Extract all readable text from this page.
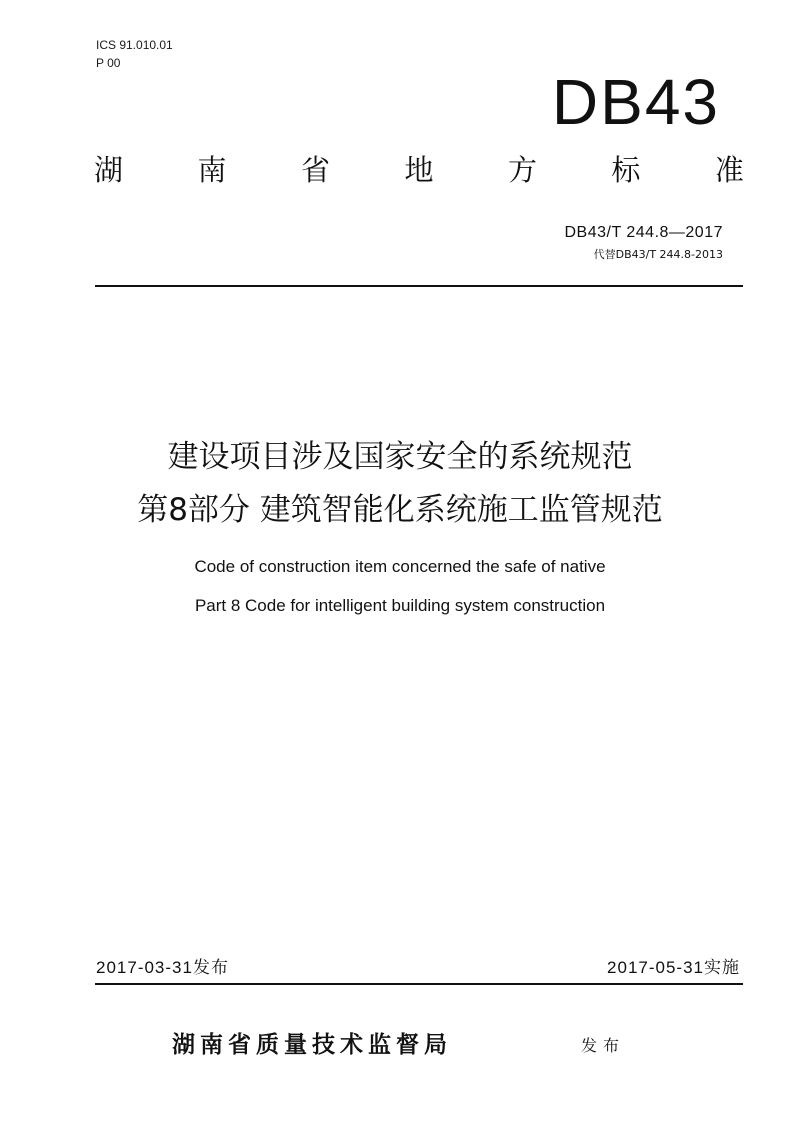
ICS 91.010.01
P 00
DB43
湖	南	省	地	方	标	准
DB43/T 244.8—2017
代替DB43/T 244.8-2013
建设项目涉及国家安全的系统规范
第8部分 建筑智能化系统施工监管规范
Code of construction item concerned the safe of native
Part 8 Code for intelligent building system construction
2017-03-31发布	2017-05-31实施
湖南省质量技术监督局	发布
